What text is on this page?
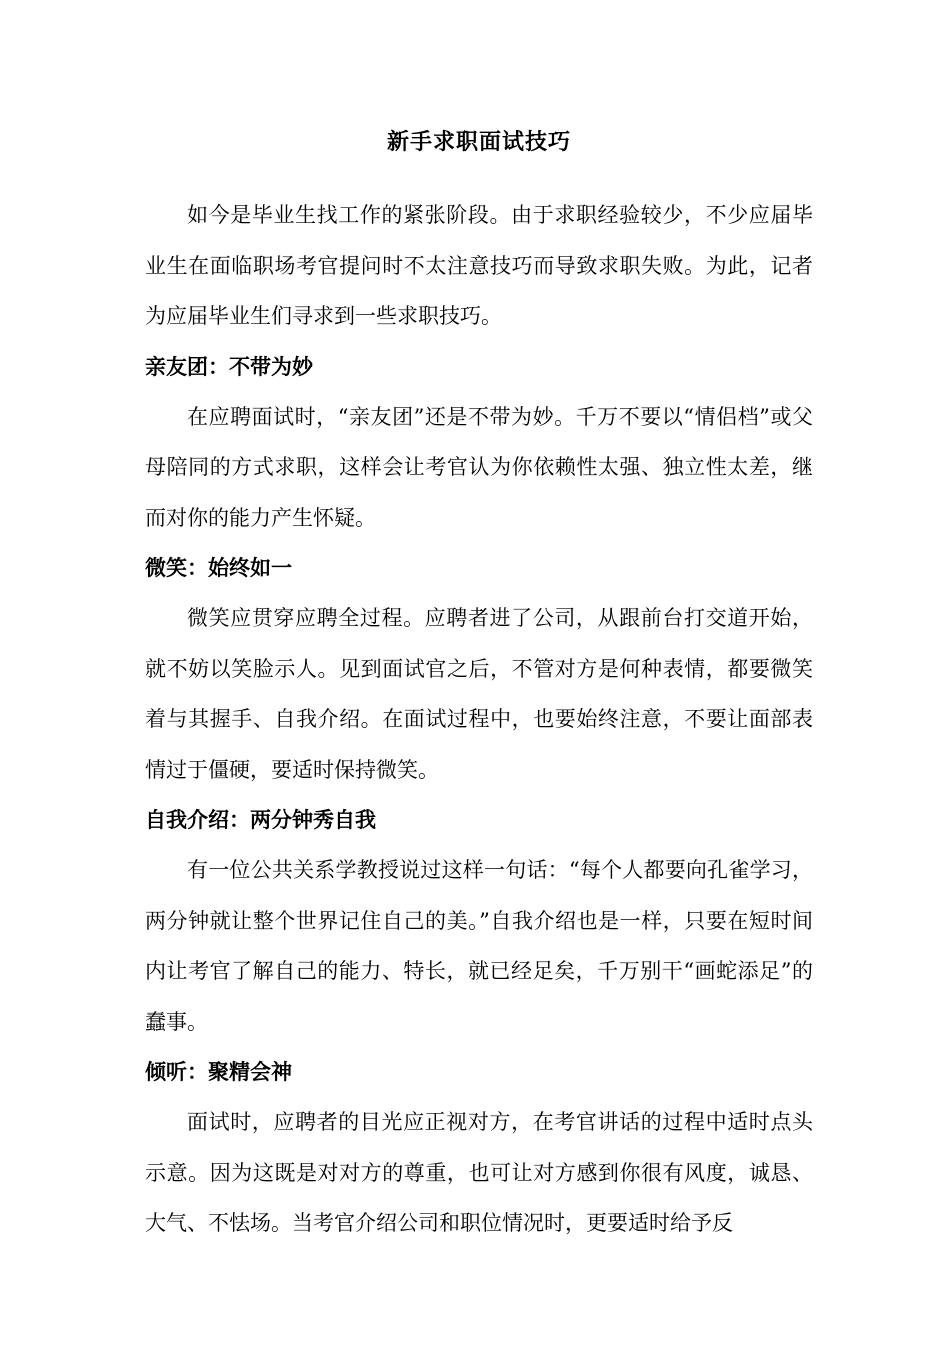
新手求职面试技巧

如今是毕业生找工作的紧张阶段。由于求职经验较少，不少应届毕业生在面临职场考官提问时不太注意技巧而导致求职失败。为此，记者为应届毕业生们寻求到一些求职技巧。

亲友团：不带为妙

在应聘面试时，“亲友团”还是不带为妙。千万不要以“情侣档”或父母陪同的方式求职，这样会让考官认为你依赖性太强、独立性太差，继而对你的能力产生怀疑。

微笑：始终如一

微笑应贯穿应聘全过程。应聘者进了公司，从跟前台打交道开始，就不妨以笑脸示人。见到面试官之后，不管对方是何种表情，都要微笑着与其握手、自我介绍。在面试过程中，也要始终注意，不要让面部表情过于僵硬，要适时保持微笑。

自我介绍：两分钟秀自我

有一位公共关系学教授说过这样一句话：“每个人都要向孔雀学习，两分钟就让整个世界记住自己的美。”自我介绍也是一样，只要在短时间内让考官了解自己的能力、特长，就已经足矣，千万别干“画蛇添足”的蠢事。

倾听：聚精会神

面试时，应聘者的目光应正视对方，在考官讲话的过程中适时点头示意。因为这既是对对方的尊重，也可让对方感到你很有风度，诚恳、大气、不怯场。当考官介绍公司和职位情况时，更要适时给予反
